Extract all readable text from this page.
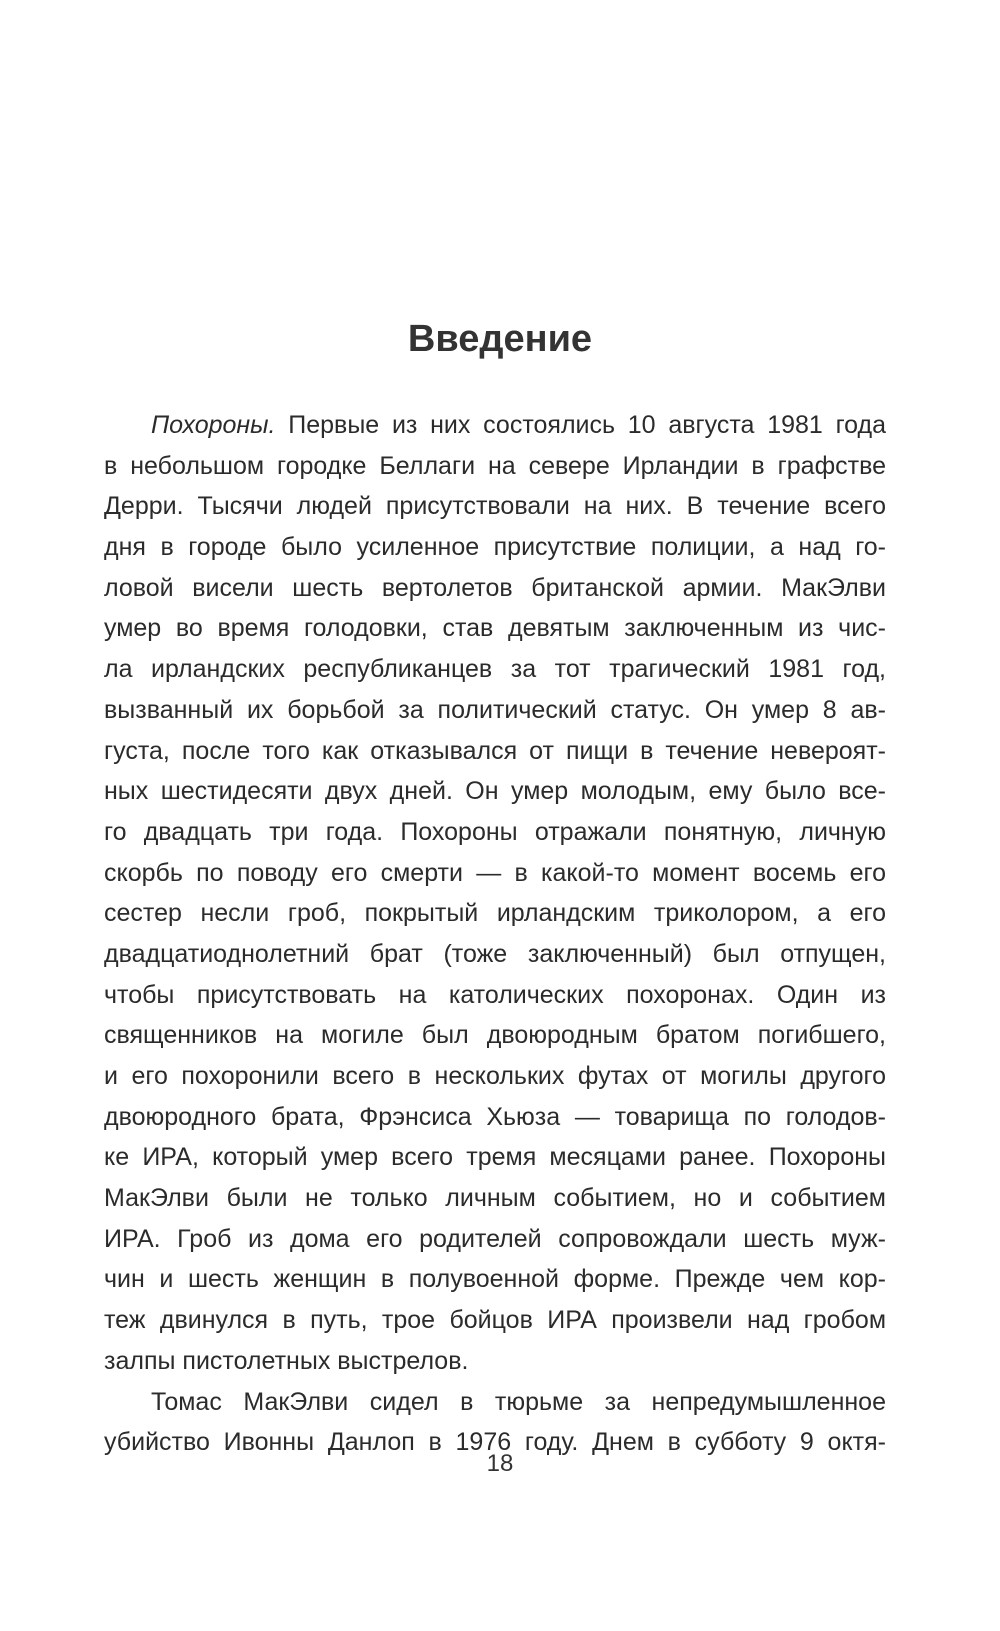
Введение
Похороны. Первые из них состоялись 10 августа 1981 года
в небольшом городке Беллаги на севере Ирландии в графстве
Дерри. Тысячи людей присутствовали на них. В течение всего
дня в городе было усиленное присутствие полиции, а над го-
ловой висели шесть вертолетов британской армии. МакЭлви
умер во время голодовки, став девятым заключенным из чис-
ла ирландских республиканцев за тот трагический 1981 год,
вызванный их борьбой за политический статус. Он умер 8 ав-
густа, после того как отказывался от пищи в течение невероят-
ных шестидесяти двух дней. Он умер молодым, ему было все-
го двадцать три года. Похороны отражали понятную, личную
скорбь по поводу его смерти — в какой-то момент восемь его
сестер несли гроб, покрытый ирландским триколором, а его
двадцатиоднолетний брат (тоже заключенный) был отпущен,
чтобы присутствовать на католических похоронах. Один из
священников на могиле был двоюродным братом погибшего,
и его похоронили всего в нескольких футах от могилы другого
двоюродного брата, Фрэнсиса Хьюза — товарища по голодов-
ке ИРА, который умер всего тремя месяцами ранее. Похороны
МакЭлви были не только личным событием, но и событием
ИРА. Гроб из дома его родителей сопровождали шесть муж-
чин и шесть женщин в полувоенной форме. Прежде чем кор-
теж двинулся в путь, трое бойцов ИРА произвели над гробом
залпы пистолетных выстрелов.
Томас МакЭлви сидел в тюрьме за непредумышленное
убийство Ивонны Данлоп в 1976 году. Днем в субботу 9 октя-
18
